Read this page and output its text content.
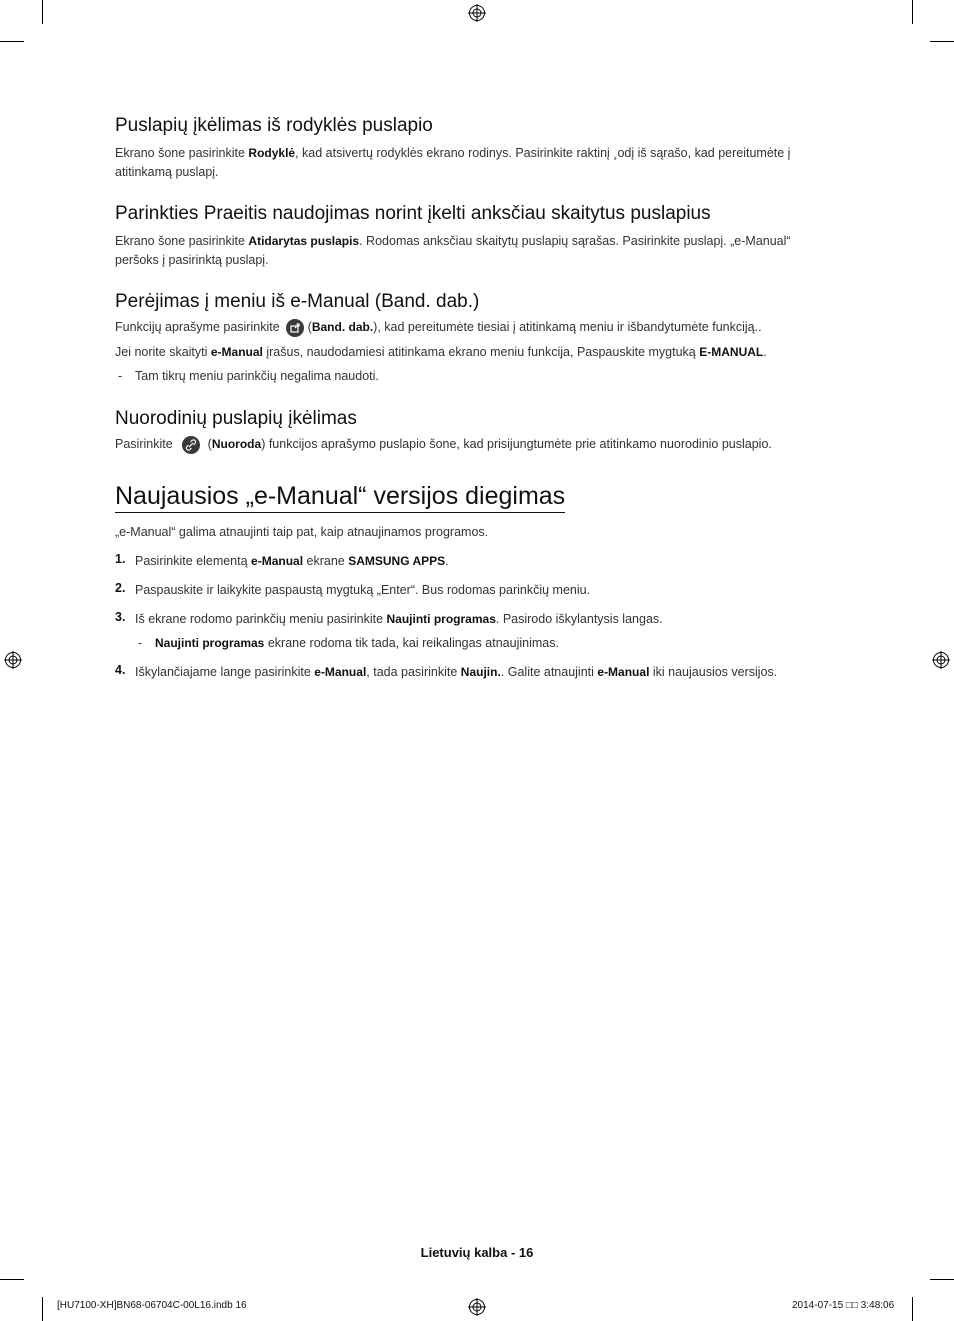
Puslapių įkėlimas iš rodyklės puslapio

Ekrano šone pasirinkite Rodyklė, kad atsivertų rodyklės ekrano rodinys. Pasirinkite raktinį ¸odį iš sąrašo, kad pereitumėte į atitinkamą puslapį.

Parinkties Praeitis naudojimas norint įkelti anksčiau skaitytus puslapius

Ekrano šone pasirinkite Atidarytas puslapis. Rodomas anksčiau skaitytų puslapių sąrašas. Pasirinkite puslapį. „e-Manual“ peršoks į pasirinktą puslapį.

Perėjimas į meniu iš e-Manual (Band. dab.)

Funkcijų aprašyme pasirinkite (Band. dab.), kad pereitumėte tiesiai į atitinkamą meniu ir išbandytumėte funkciją..

Jei norite skaityti e-Manual įrašus, naudodamiesi atitinkama ekrano meniu funkcija, Paspauskite mygtuką E-MANUAL.

- Tam tikrų meniu parinkčių negalima naudoti.

Nuorodinių puslapių įkėlimas

Pasirinkite	(Nuoroda) funkcijos aprašymo puslapio šone, kad prisijungtumėte prie atitinkamo nuorodinio puslapio.

Naujausios „e-Manual“ versijos diegimas

„e-Manual“ galima atnaujinti taip pat, kaip atnaujinamos programos.

1. Pasirinkite elementą e-Manual ekrane SAMSUNG APPS.

2. Paspauskite ir laikykite paspaustą mygtuką „Enter“. Bus rodomas parinkčių meniu.

3. Iš ekrane rodomo parinkčių meniu pasirinkite Naujinti programas. Pasirodo iškylantysis langas.

- Naujinti programas ekrane rodoma tik tada, kai reikalingas atnaujinimas.

4. Iškylančiajame lange pasirinkite e-Manual, tada pasirinkite Naujin.. Galite atnaujinti e-Manual iki naujausios versijos.

Lietuvių kalba - 16
[HU7100-XH]BN68-06704C-00L16.indb 16	2014-07-15 □□ 3:48:06
